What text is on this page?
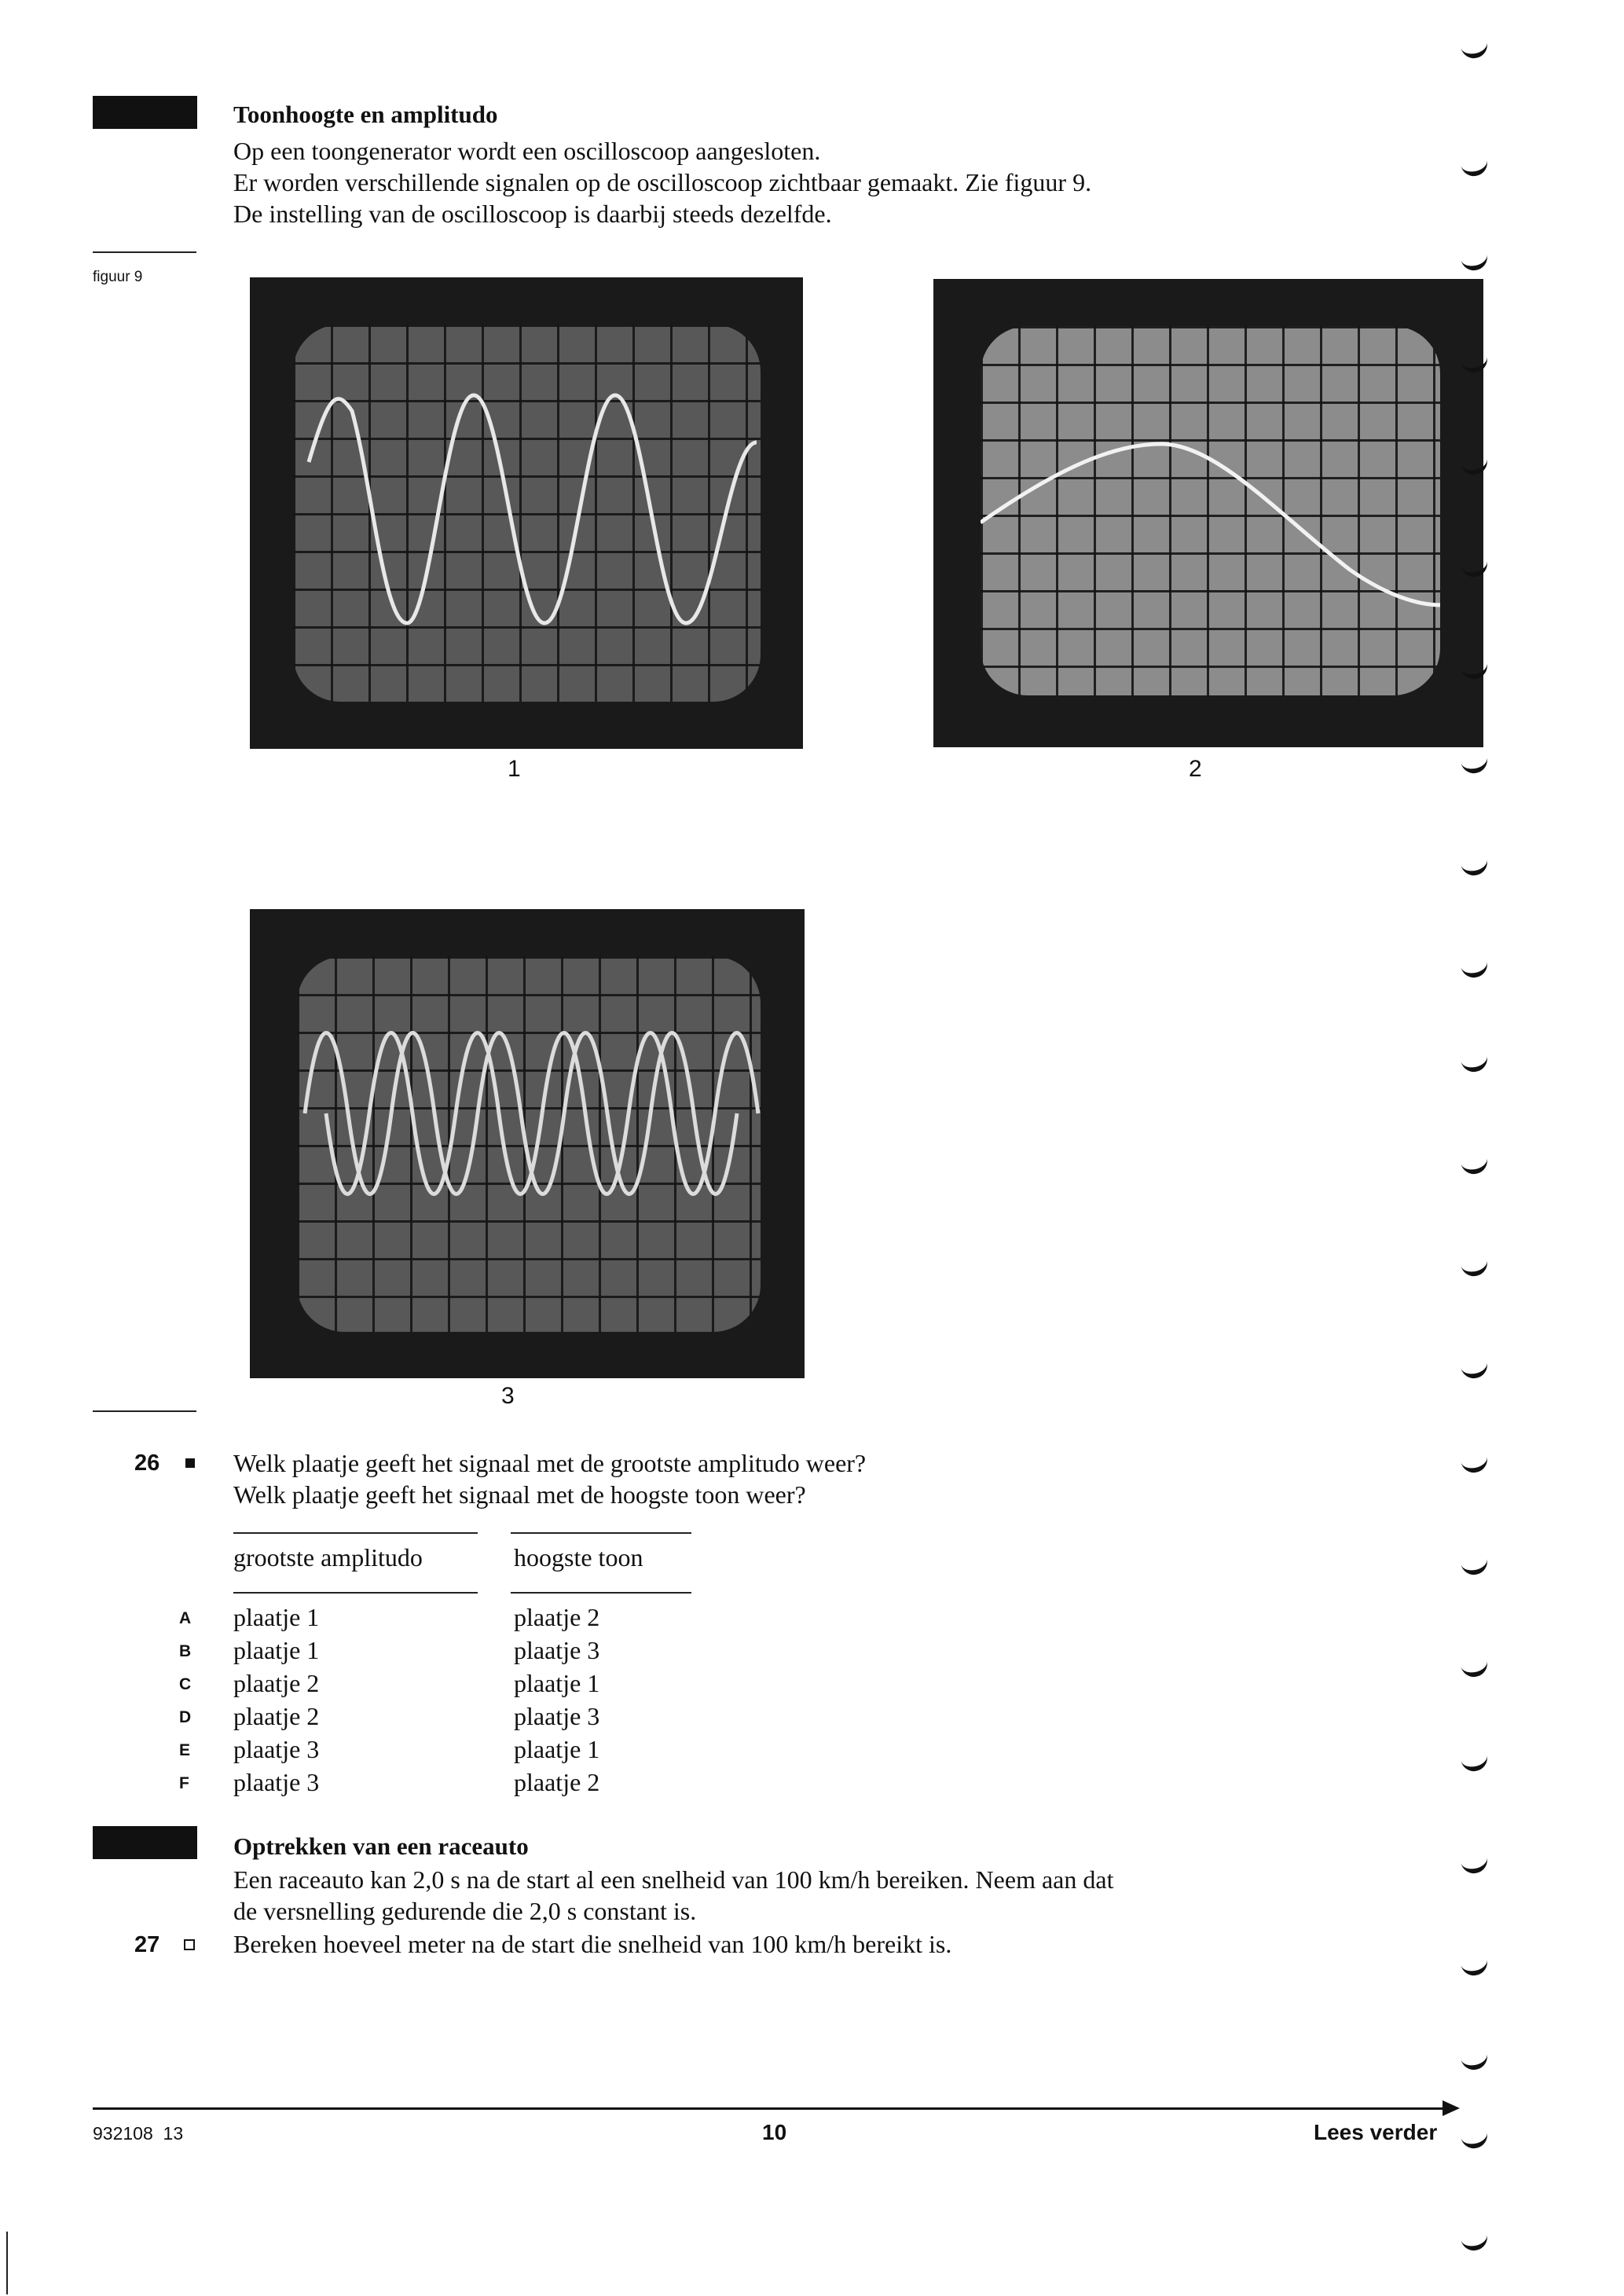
Toonhoogte en amplitudo
Op een toongenerator wordt een oscilloscoop aangesloten.
Er worden verschillende signalen op de oscilloscoop zichtbaar gemaakt. Zie figuur 9.
De instelling van de oscilloscoop is daarbij steeds dezelfde.
figuur 9
1	2
3
26	Welk plaatje geeft het signaal met de grootste amplitudo weer?
Welk plaatje geeft het signaal met de hoogste toon weer?
grootste amplitudo	hoogste toon
A plaatje 1	plaatje 2
B plaatje 1	plaatje 3
C plaatje 2	plaatje 1
D plaatje 2	plaatje 3
E plaatje 3	plaatje 1
F plaatje 3	plaatje 2
Optrekken van een raceauto
Een raceauto kan 2,0 s na de start al een snelheid van 100 km/h bereiken. Neem aan dat
de versnelling gedurende die 2,0 s constant is.
27	Bereken hoeveel meter na de start die snelheid van 100 km/h bereikt is.
932108  13	10	Lees verder
